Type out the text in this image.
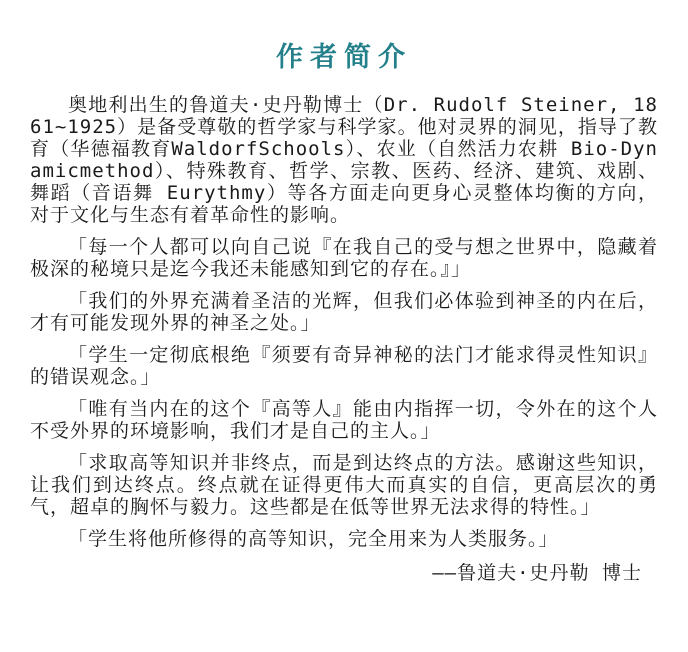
作者简介

奥地利出生的鲁道夫·史丹勒博士（Dr. Rudolf Steiner, 1861~1925）是备受尊敬的哲学家与科学家。他对灵界的洞见，指导了教育（华德福教育WaldorfSchools）、农业（自然活力农耕 Bio-Dynamicmethod）、特殊教育、哲学、宗教、医药、经济、建筑、戏剧、舞蹈（音语舞 Eurythmy）等各方面走向更身心灵整体均衡的方向，对于文化与生态有着革命性的影响。

「每一个人都可以向自己说『在我自己的受与想之世界中，隐藏着极深的秘境只是迄今我还未能感知到它的存在。』」

「我们的外界充满着圣洁的光辉，但我们必体验到神圣的内在后，才有可能发现外界的神圣之处。」

「学生一定彻底根绝『须要有奇异神秘的法门才能求得灵性知识』的错误观念。」

「唯有当内在的这个『高等人』能由内指挥一切，令外在的这个人不受外界的环境影响，我们才是自己的主人。」

「求取高等知识并非终点，而是到达终点的方法。感谢这些知识，让我们到达终点。终点就在证得更伟大而真实的自信，更高层次的勇气，超卓的胸怀与毅力。这些都是在低等世界无法求得的特性。」

「学生将他所修得的高等知识，完全用来为人类服务。」

——鲁道夫·史丹勒 博士
